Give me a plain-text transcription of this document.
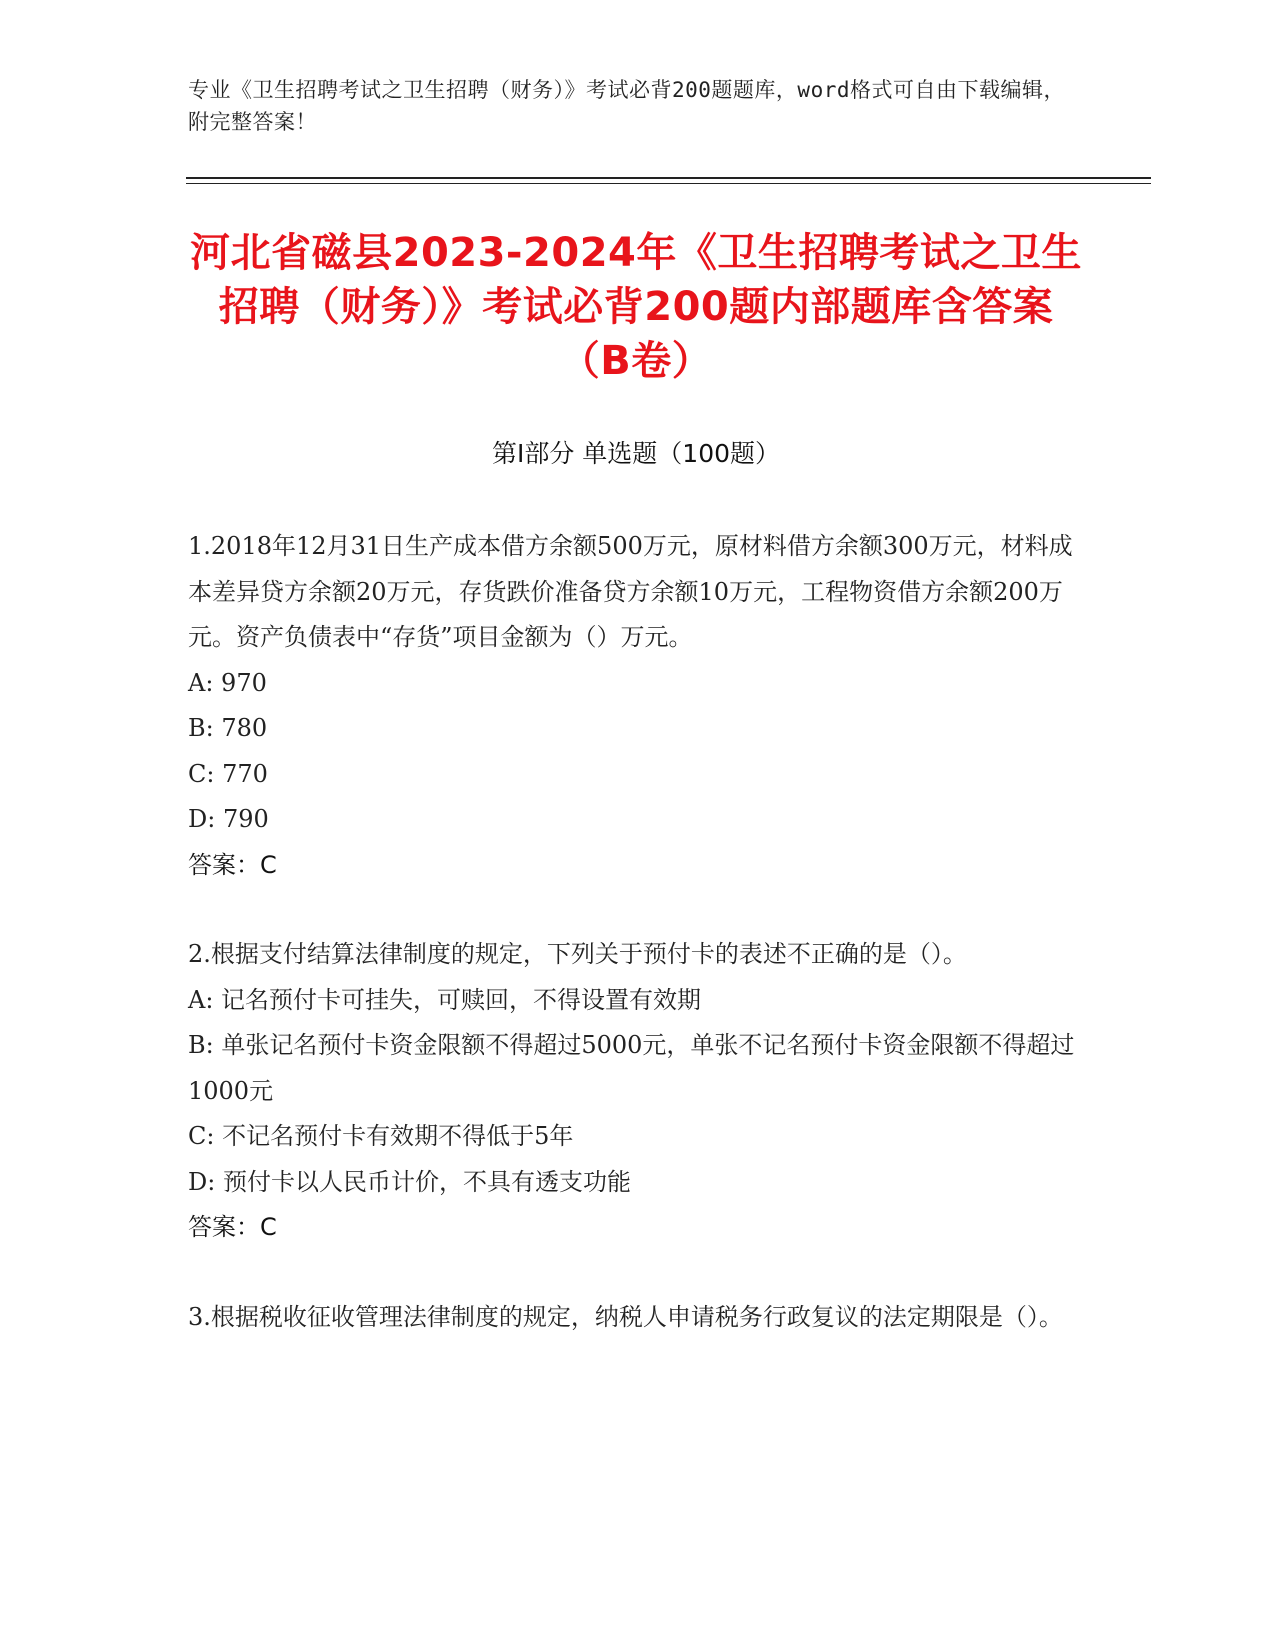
专业《卫生招聘考试之卫生招聘（财务）》考试必背200题题库，word格式可自由下载编辑，附完整答案！
河北省磁县2023-2024年《卫生招聘考试之卫生招聘（财务）》考试必背200题内部题库含答案（B卷）
第Ⅰ部分 单选题（100题）

1.2018年12月31日生产成本借方余额500万元，原材料借方余额300万元，材料成本差异贷方余额20万元，存货跌价准备贷方余额10万元，工程物资借方余额200万元。资产负债表中“存货”项目金额为（）万元。

A: 970

B: 780

C: 770

D: 790

答案：C

2.根据支付结算法律制度的规定，下列关于预付卡的表述不正确的是（）。

A: 记名预付卡可挂失，可赎回，不得设置有效期

B: 单张记名预付卡资金限额不得超过5000元，单张不记名预付卡资金限额不得超过1000元

C: 不记名预付卡有效期不得低于5年

D: 预付卡以人民币计价，不具有透支功能

答案：C

3.根据税收征收管理法律制度的规定，纳税人申请税务行政复议的法定期限是（）。
